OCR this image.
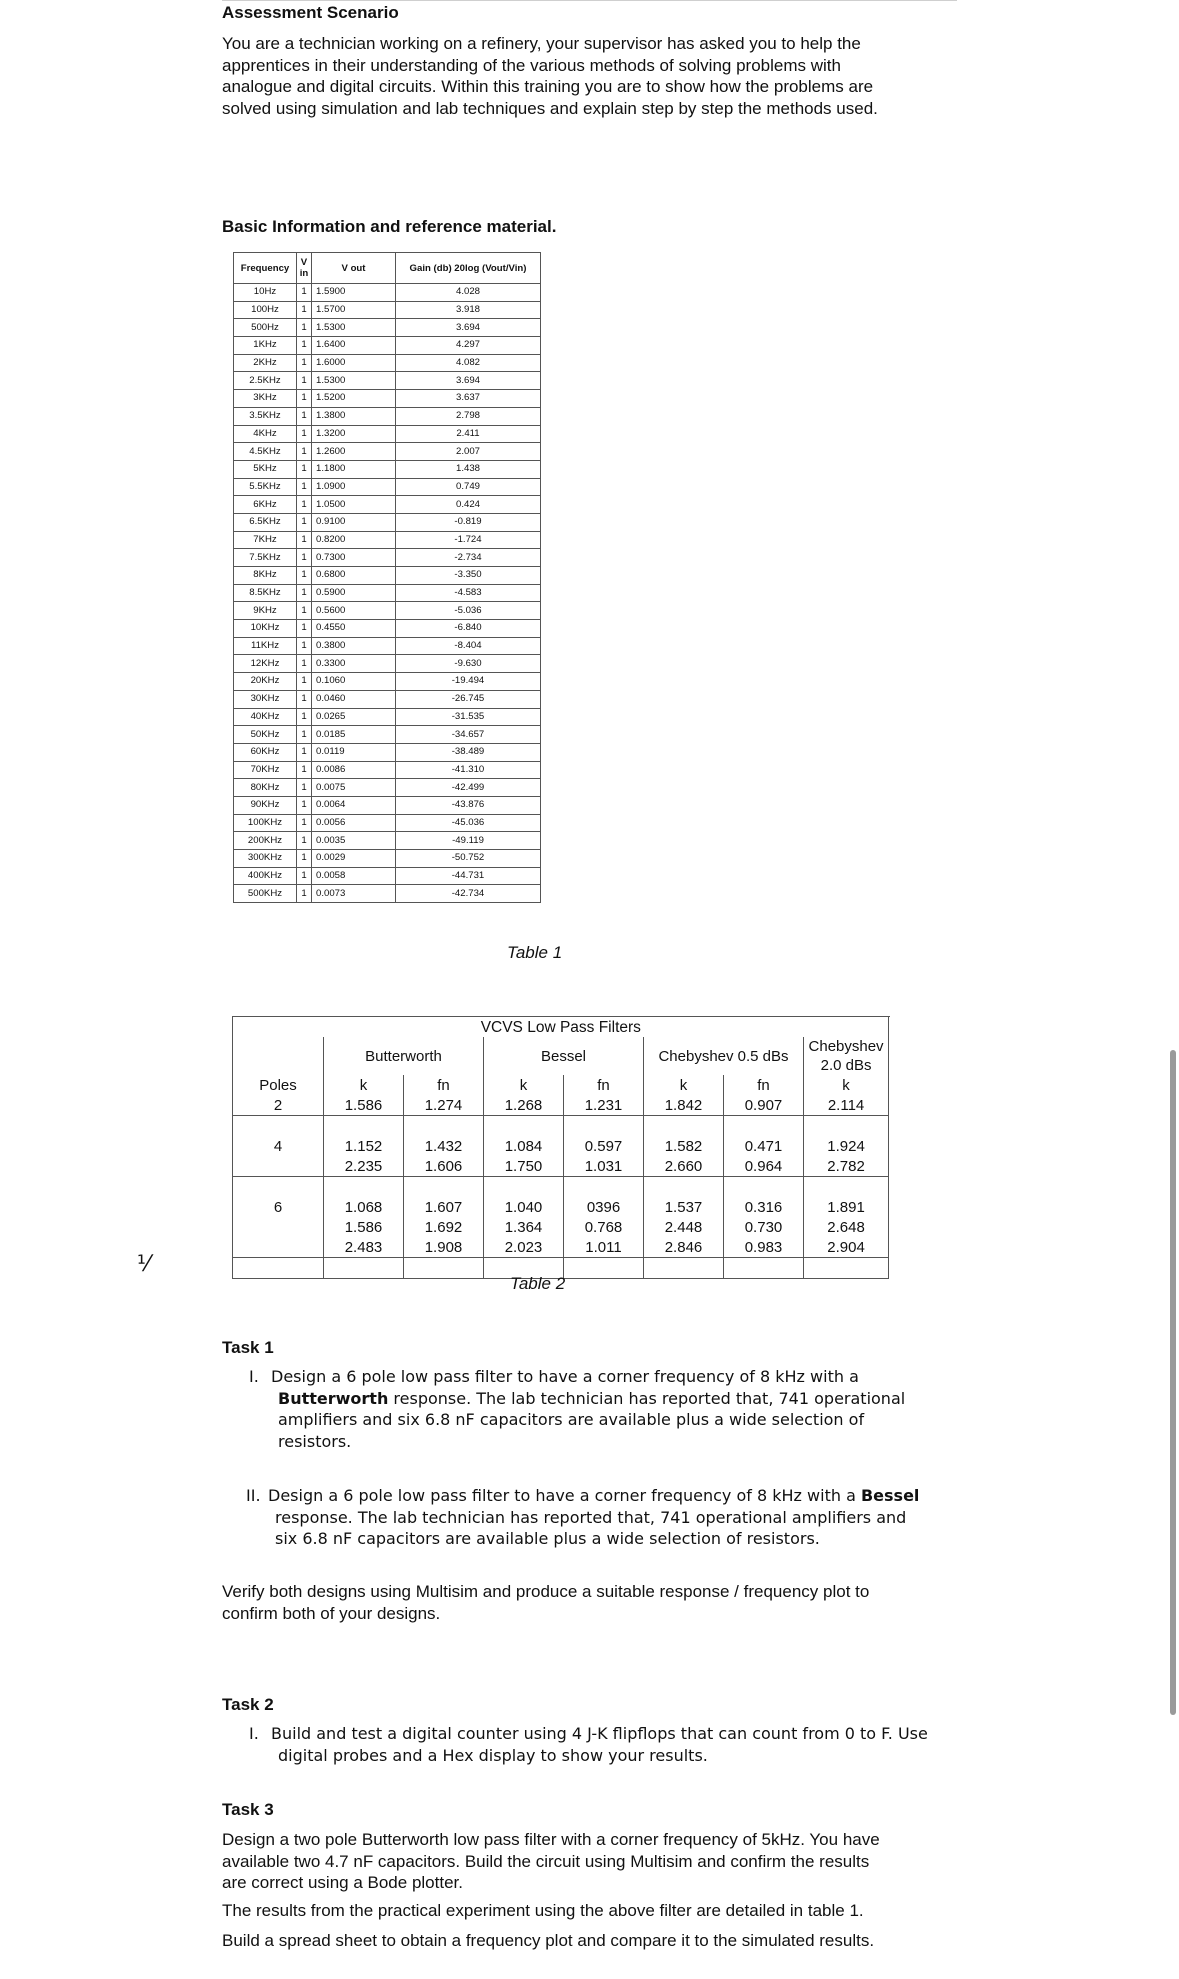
Assessment Scenario
You are a technician working on a refinery, your supervisor has asked you to help the
apprentices in their understanding of the various methods of solving problems with
analogue and digital circuits. Within this training you are to show how the problems are
solved using simulation and lab techniques and explain step by step the methods used.
Basic Information and reference material.
Frequency	V in	V out	Gain (db) 20log (Vout/Vin)
10Hz	1	1.5900	4.028
100Hz	1	1.5700	3.918
500Hz	1	1.5300	3.694
1KHz	1	1.6400	4.297
2KHz	1	1.6000	4.082
2.5KHz	1	1.5300	3.694
3KHz	1	1.5200	3.637
3.5KHz	1	1.3800	2.798
4KHz	1	1.3200	2.411
4.5KHz	1	1.2600	2.007
5KHz	1	1.1800	1.438
5.5KHz	1	1.0900	0.749
6KHz	1	1.0500	0.424
6.5KHz	1	0.9100	-0.819
7KHz	1	0.8200	-1.724
7.5KHz	1	0.7300	-2.734
8KHz	1	0.6800	-3.350
8.5KHz	1	0.5900	-4.583
9KHz	1	0.5600	-5.036
10KHz	1	0.4550	-6.840
11KHz	1	0.3800	-8.404
12KHz	1	0.3300	-9.630
20KHz	1	0.1060	-19.494
30KHz	1	0.0460	-26.745
40KHz	1	0.0265	-31.535
50KHz	1	0.0185	-34.657
60KHz	1	0.0119	-38.489
70KHz	1	0.0086	-41.310
80KHz	1	0.0075	-42.499
90KHz	1	0.0064	-43.876
100KHz	1	0.0056	-45.036
200KHz	1	0.0035	-49.119
300KHz	1	0.0029	-50.752
400KHz	1	0.0058	-44.731
500KHz	1	0.0073	-42.734
Table 1
VCVS Low Pass Filters							
	Butterworth		Bessel		Chebyshev 0.5 dBs		Chebyshev 2.0 dBs
Poles	k	fn	k	fn	k	fn	k
2	1.586	1.274	1.268	1.231	1.842	0.907	2.114

4	1.152	1.432	1.084	0.597	1.582	0.471	1.924
	2.235	1.606	1.750	1.031	2.660	0.964	2.782

6	1.068	1.607	1.040	0396	1.537	0.316	1.891
	1.586	1.692	1.364	0.768	2.448	0.730	2.648
	2.483	1.908	2.023	1.011	2.846	0.983	2.904

Table 2
⅟
Task 1
I. Design a 6 pole low pass filter to have a corner frequency of 8 kHz with a
Butterworth response. The lab technician has reported that, 741 operational
amplifiers and six 6.8 nF capacitors are available plus a wide selection of
resistors.
II. Design a 6 pole low pass filter to have a corner frequency of 8 kHz with a Bessel
response. The lab technician has reported that, 741 operational amplifiers and
six 6.8 nF capacitors are available plus a wide selection of resistors.
Verify both designs using Multisim and produce a suitable response / frequency plot to
confirm both of your designs.
Task 2
I. Build and test a digital counter using 4 J-K flipflops that can count from 0 to F. Use
digital probes and a Hex display to show your results.
Task 3
Design a two pole Butterworth low pass filter with a corner frequency of 5kHz. You have
available two 4.7 nF capacitors. Build the circuit using Multisim and confirm the results
are correct using a Bode plotter.
The results from the practical experiment using the above filter are detailed in table 1.
Build a spread sheet to obtain a frequency plot and compare it to the simulated results.
